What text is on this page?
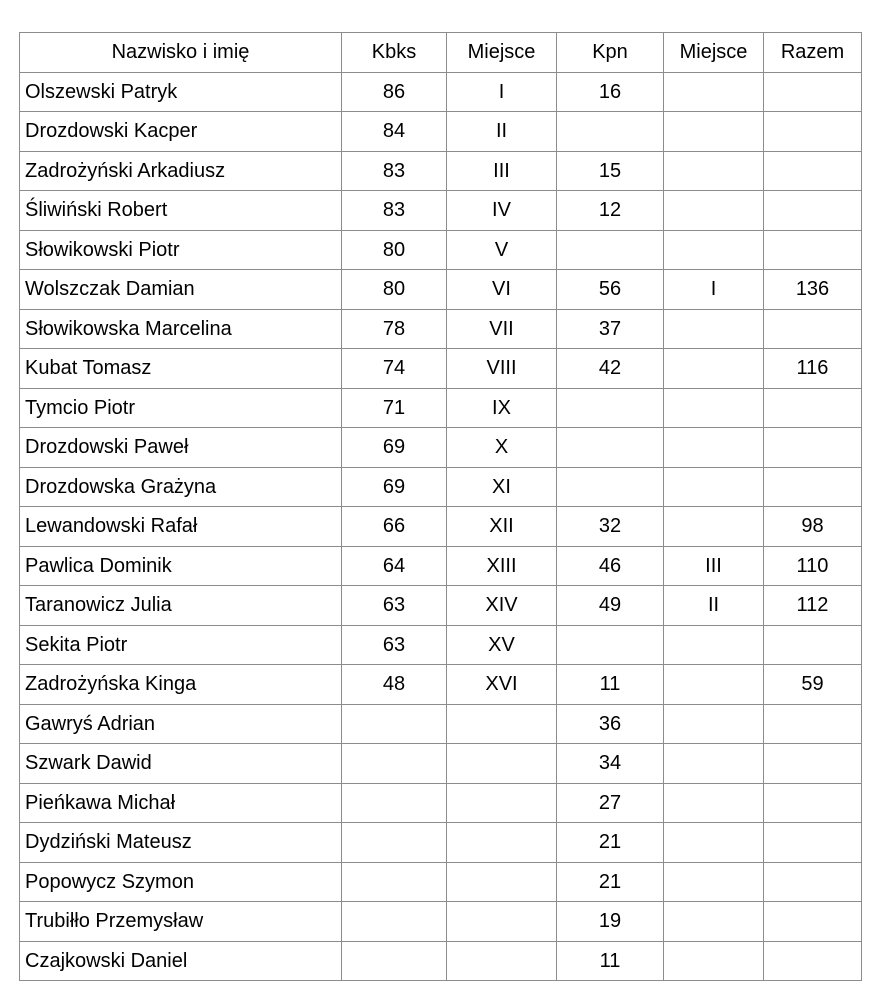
Nazwisko i imię	Kbks	Miejsce	Kpn	Miejsce	Razem
Olszewski Patryk	86	I	16		
Drozdowski Kacper	84	II			
Zadrożyński Arkadiusz	83	III	15		
Śliwiński Robert	83	IV	12		
Słowikowski Piotr	80	V			
Wolszczak Damian	80	VI	56	I	136
Słowikowska Marcelina	78	VII	37		
Kubat Tomasz	74	VIII	42		116
Tymcio Piotr	71	IX			
Drozdowski Paweł	69	X			
Drozdowska Grażyna	69	XI			
Lewandowski Rafał	66	XII	32		98
Pawlica Dominik	64	XIII	46	III	110
Taranowicz Julia	63	XIV	49	II	112
Sekita Piotr	63	XV			
Zadrożyńska Kinga	48	XVI	11		59
Gawryś Adrian			36		
Szwark Dawid			34		
Pieńkawa Michał			27		
Dydziński Mateusz			21		
Popowycz Szymon			21		
Trubiłło Przemysław			19		
Czajkowski Daniel			11		
